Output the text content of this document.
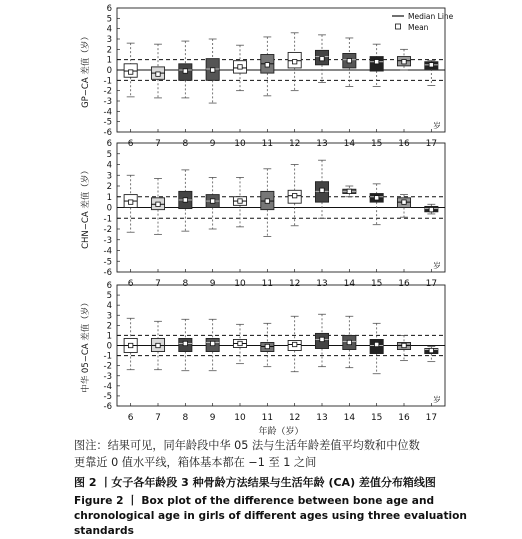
-6
-5
-4
-3
-2
-1
0
1
2
3
4
5
6
6 7 8 9 10 11 12 13 14 15 16 17
岁
GP−CA 差值（岁）
Median Line
Mean
-6
-5
-4
-3
-2
-1
0
1
2
3
4
5
6
6 7 8 9 10 11 12 13 14 15 16 17
岁
CHN−CA 差值（岁）
-6
-5
-4
-3
-2
-1
0
1
2
3
4
5
6
6 7 8 9 10 11 12 13 14 15 16 17
岁
中华 05−CA 差值（岁）
年龄（岁）
图注：结果可见，同年龄段中华 05 法与生活年龄差值平均数和中位数
更靠近 0 值水平线，箱体基本都在 −1 至 1 之间
图 2 丨女子各年龄段 3 种骨龄方法结果与生活年龄 (CA) 差值分布箱线图
Figure 2 丨 Box plot of the difference between bone age and chronological age in girls of different ages using three evaluation standards
